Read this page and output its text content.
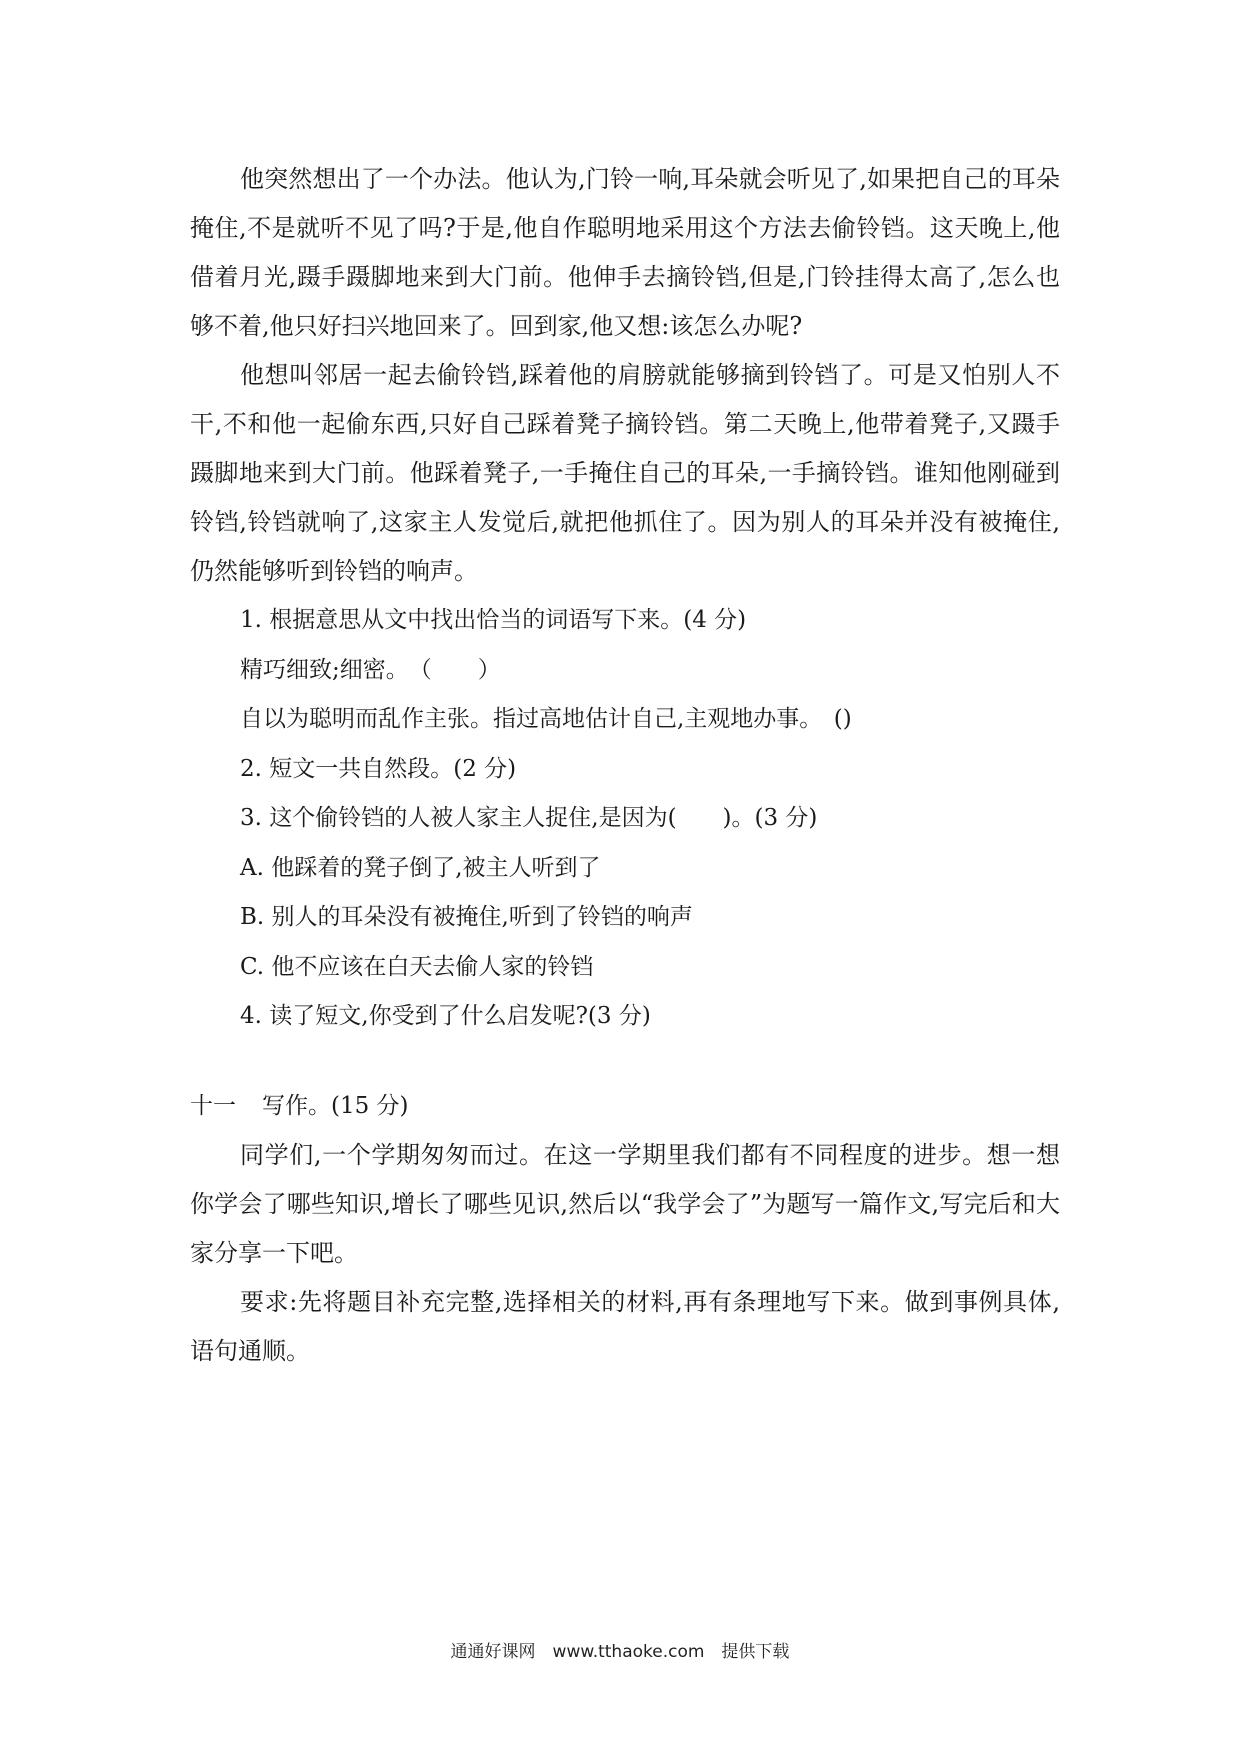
他突然想出了一个办法。他认为,门铃一响,耳朵就会听见了,如果把自己的耳朵掩住,不是就听不见了吗?于是,他自作聪明地采用这个方法去偷铃铛。这天晚上,他借着月光,蹑手蹑脚地来到大门前。他伸手去摘铃铛,但是,门铃挂得太高了,怎么也够不着,他只好扫兴地回来了。回到家,他又想:该怎么办呢?

他想叫邻居一起去偷铃铛,踩着他的肩膀就能够摘到铃铛了。可是又怕别人不干,不和他一起偷东西,只好自己踩着凳子摘铃铛。第二天晚上,他带着凳子,又蹑手蹑脚地来到大门前。他踩着凳子,一手掩住自己的耳朵,一手摘铃铛。谁知他刚碰到铃铛,铃铛就响了,这家主人发觉后,就把他抓住了。因为别人的耳朵并没有被掩住,仍然能够听到铃铛的响声。

1. 根据意思从文中找出恰当的词语写下来。(4 分)

精巧细致;细密。　（　　）

自以为聪明而乱作主张。指过高地估计自己,主观地办事。　()

2. 短文一共自然段。(2 分)

3. 这个偷铃铛的人被人家主人捉住,是因为(　　)。(3 分)

A. 他踩着的凳子倒了,被主人听到了

B. 别人的耳朵没有被掩住,听到了铃铛的响声

C. 他不应该在白天去偷人家的铃铛

4. 读了短文,你受到了什么启发呢?(3 分)

十一 写作。(15 分)

同学们,一个学期匆匆而过。在这一学期里我们都有不同程度的进步。想一想你学会了哪些知识,增长了哪些见识,然后以“我学会了”为题写一篇作文,写完后和大家分享一下吧。

要求:先将题目补充完整,选择相关的材料,再有条理地写下来。做到事例具体,语句通顺。

通通好课网　www.tthaoke.com　提供下载
